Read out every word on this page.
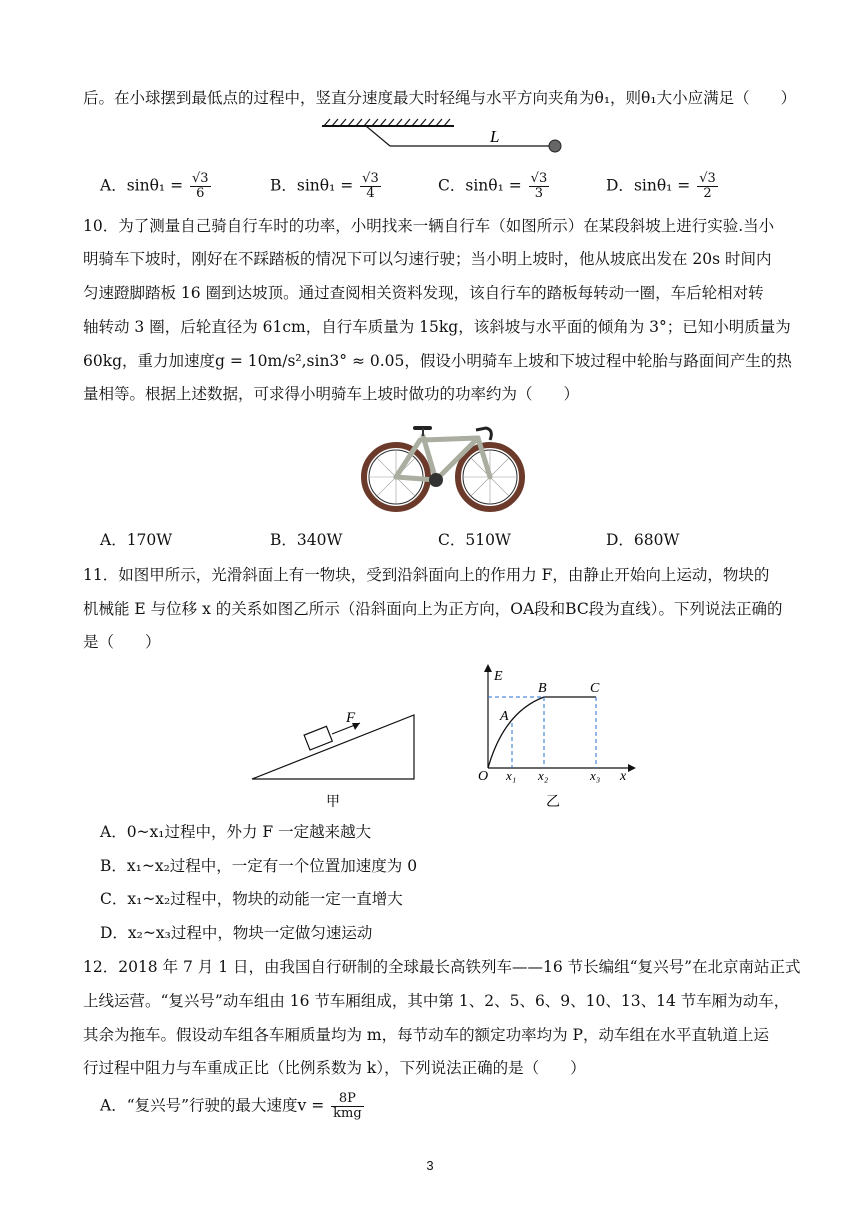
后。在小球摆到最低点的过程中，竖直分速度最大时轻绳与水平方向夹角为θ₁，则θ₁大小应满足（　　）
L
A．$\sin\theta_1 = \frac{√3}{6}$	B．$\sin\theta_1 = \frac{√3}{4}$	C．$\sin\theta_1 = \frac{√3}{3}$	D．$\sin\theta_1 = \frac{√3}{2}$
10．为了测量自己骑自行车时的功率，小明找来一辆自行车（如图所示）在某段斜坡上进行实验.当小
明骑车下坡时，刚好在不踩踏板的情况下可以匀速行驶；当小明上坡时，他从坡底出发在 20s 时间内
匀速蹬脚踏板 16 圈到达坡顶。通过查阅相关资料发现，该自行车的踏板每转动一圈，车后轮相对转
轴转动 3 圈，后轮直径为 61cm，自行车质量为 15kg，该斜坡与水平面的倾角为 3°；已知小明质量为
60kg，重力加速度g = 10m/s²,sin3° ≈ 0.05，假设小明骑车上坡和下坡过程中轮胎与路面间产生的热
量相等。根据上述数据，可求得小明骑车上坡时做功的功率约为（　　）
A．170W	B．340W	C．510W	D．680W
11．如图甲所示，光滑斜面上有一物块，受到沿斜面向上的作用力 F，由静止开始向上运动，物块的
机械能 E 与位移 x 的关系如图乙所示（沿斜面向上为正方向，OA段和BC段为直线）。下列说法正确的
是（　　）
F
甲
E
O	x
A
B	C
x₁ x₂	x₃
乙
A．0~x₁过程中，外力 F 一定越来越大
B．x₁~x₂过程中，一定有一个位置加速度为 0
C．x₁~x₂过程中，物块的动能一定一直增大
D．x₂~x₃过程中，物块一定做匀速运动
12．2018 年 7 月 1 日，由我国自行研制的全球最长高铁列车——16 节长编组“复兴号”在北京南站正式
上线运营。“复兴号”动车组由 16 节车厢组成，其中第 1、2、5、6、9、10、13、14 节车厢为动车，
其余为拖车。假设动车组各车厢质量均为 m，每节动车的额定功率均为 P，动车组在水平直轨道上运
行过程中阻力与车重成正比（比例系数为 k），下列说法正确的是（　　）
A．“复兴号”行驶的最大速度$v = \frac{8P}{\text{kmg}}$
3
